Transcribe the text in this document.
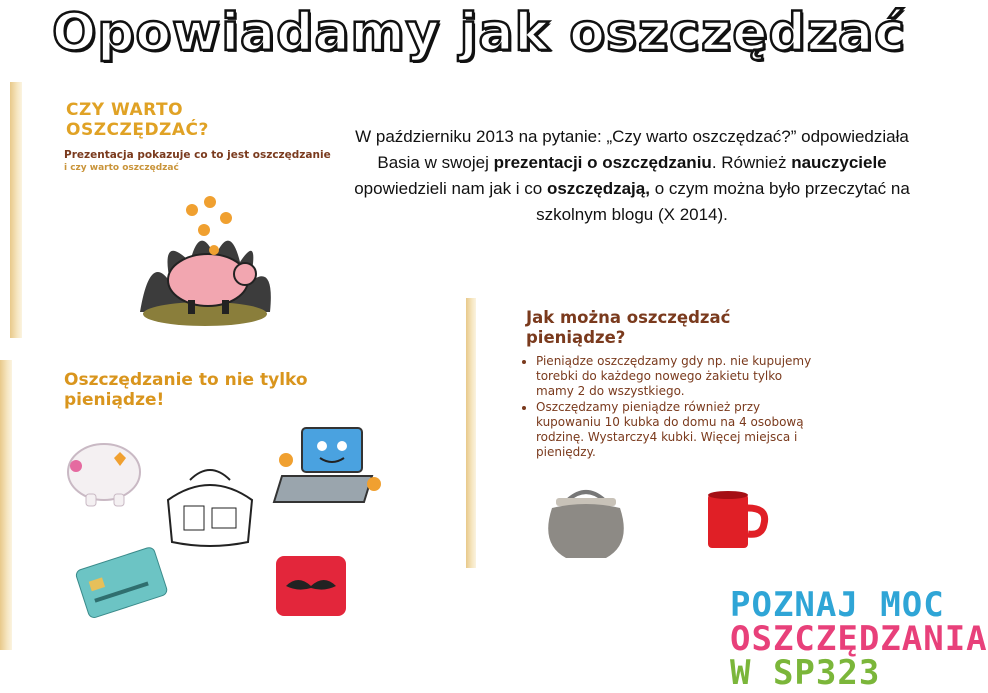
Opowiadamy jak oszczędzać
CZY WARTO OSZCZĘDZAĆ?
Prezentacja pokazuje co to jest oszczędzanie
i czy warto oszczędzać
W październiku 2013 na pytanie: „Czy warto oszczędzać?” odpowiedziała Basia w swojej prezentacji o oszczędzaniu. Również nauczyciele opowiedzieli nam jak i co oszczędzają, o czym można było przeczytać na szkolnym blogu (X 2014).
Oszczędzanie to nie tylko pieniądze!
Jak można oszczędzać pieniądze?
• Pieniądze oszczędzamy gdy np. nie kupujemy torebki do każdego nowego żakietu tylko mamy 2 do wszystkiego.
• Oszczędzamy pieniądze również przy kupowaniu 10 kubka do domu na 4 osobową rodzinę. Wystarczy4 kubki. Więcej miejsca i pieniędzy.
POZNAJ MOC
OSZCZĘDZANIA
W SP323
